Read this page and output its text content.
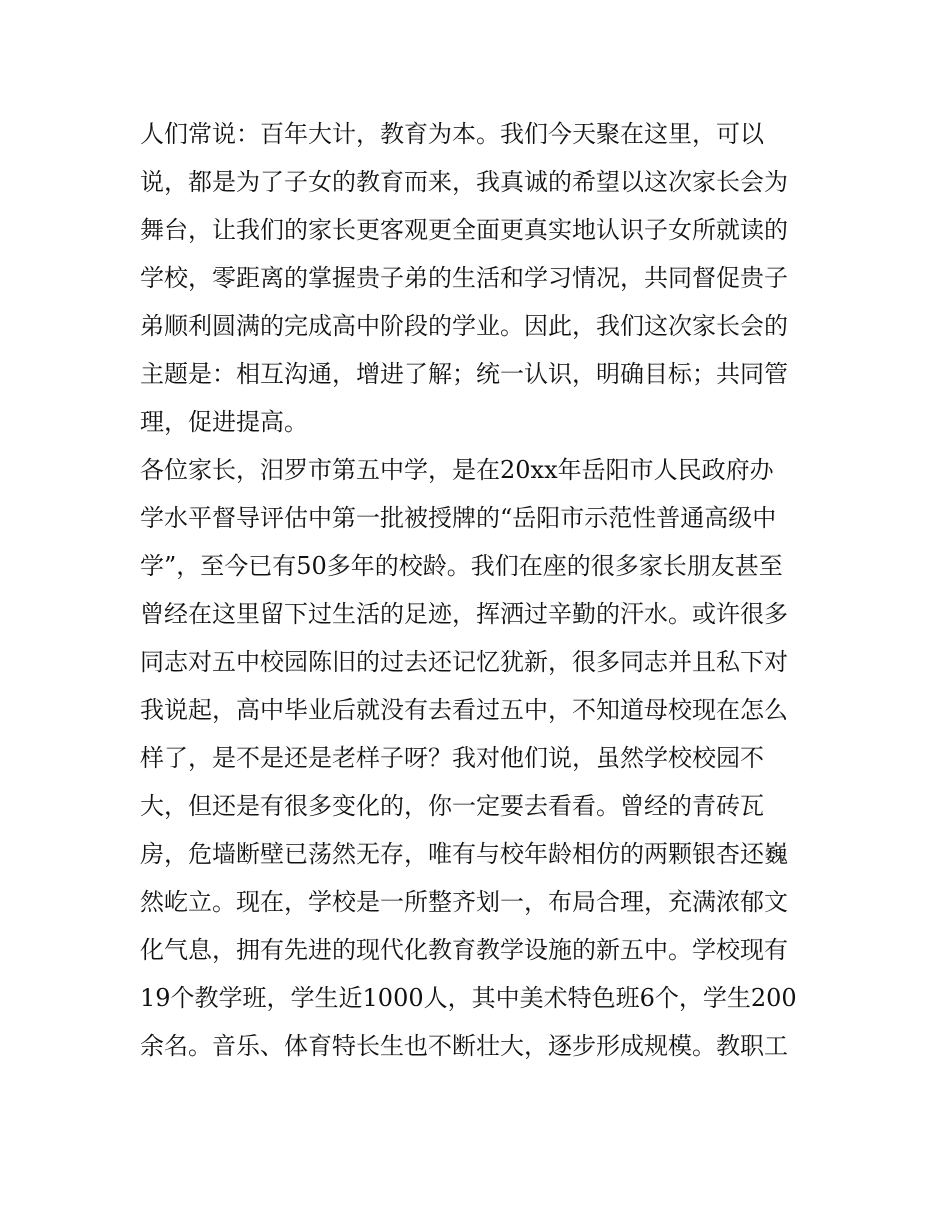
人们常说：百年大计，教育为本。我们今天聚在这里，可以
说，都是为了子女的教育而来，我真诚的希望以这次家长会为
舞台，让我们的家长更客观更全面更真实地认识子女所就读的
学校，零距离的掌握贵子弟的生活和学习情况，共同督促贵子
弟顺利圆满的完成高中阶段的学业。因此，我们这次家长会的
主题是：相互沟通，增进了解；统一认识，明确目标；共同管
理，促进提高。
各位家长，汨罗市第五中学，是在20xx年岳阳市人民政府办
学水平督导评估中第一批被授牌的“岳阳市示范性普通高级中
学”，至今已有50多年的校龄。我们在座的很多家长朋友甚至
曾经在这里留下过生活的足迹，挥洒过辛勤的汗水。或许很多
同志对五中校园陈旧的过去还记忆犹新，很多同志并且私下对
我说起，高中毕业后就没有去看过五中，不知道母校现在怎么
样了，是不是还是老样子呀？我对他们说，虽然学校校园不
大，但还是有很多变化的，你一定要去看看。曾经的青砖瓦
房，危墙断壁已荡然无存，唯有与校年龄相仿的两颗银杏还巍
然屹立。现在，学校是一所整齐划一，布局合理，充满浓郁文
化气息，拥有先进的现代化教育教学设施的新五中。学校现有
19个教学班，学生近1000人，其中美术特色班6个，学生200
余名。音乐、体育特长生也不断壮大，逐步形成规模。教职工
